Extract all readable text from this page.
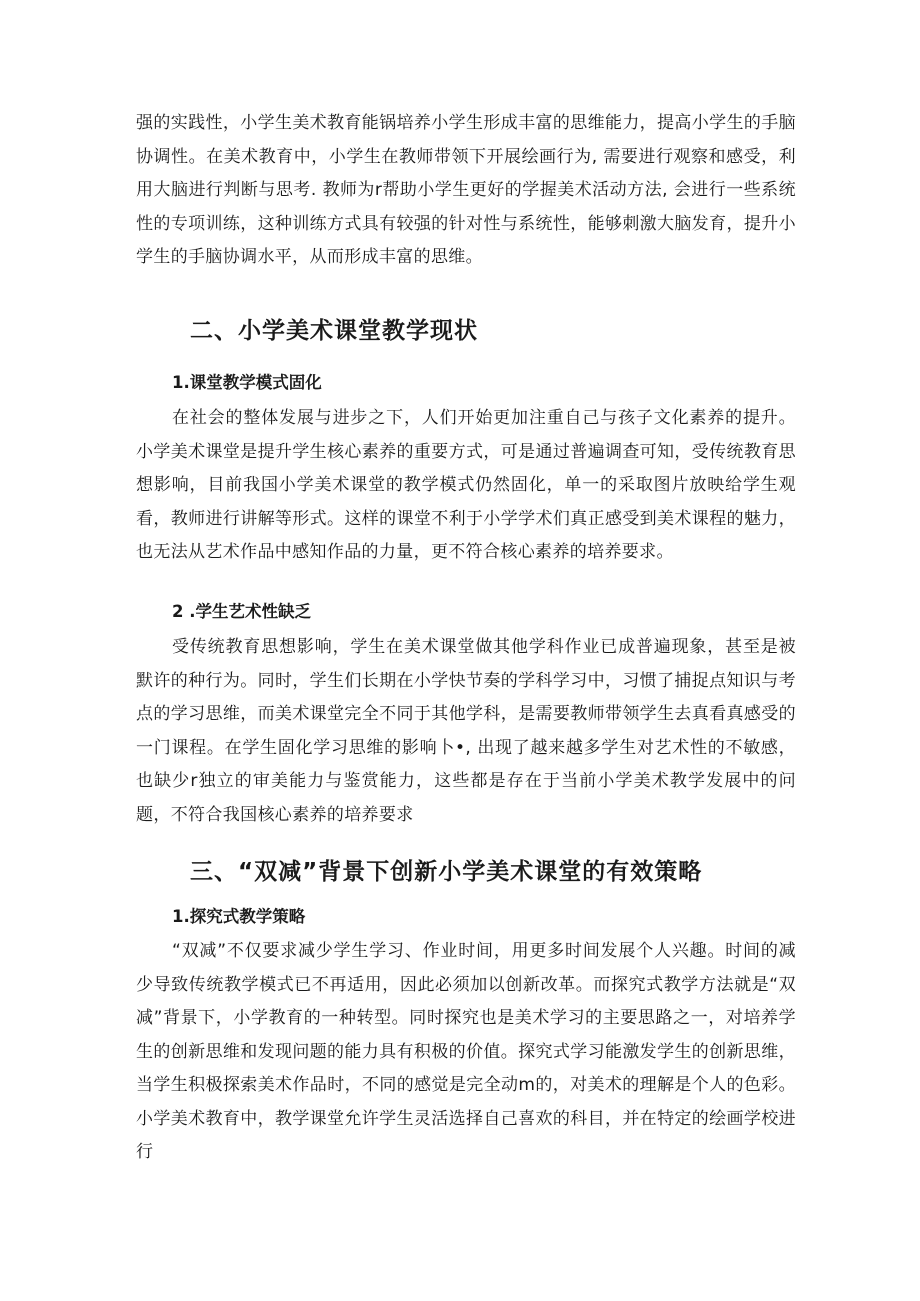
强的实践性，小学生美术教育能锅培养小学生形成丰富的思维能力，提高小学生的手脑协调性。在美术教育中，小学生在教师带领下开展绘画行为, 需要进行观察和感受，利用大脑进行判断与思考. 教师为r帮助小学生更好的学握美术活动方法, 会进行一些系统性的专项训练，这种训练方式具有较强的针对性与系统性，能够刺激大脑发育，提升小学生的手脑协调水平，从而形成丰富的思维。

二、小学美术课堂教学现状
1.课堂教学模式固化

在社会的整体发展与进步之下，人们开始更加注重自己与孩子文化素养的提升。小学美术课堂是提升学生核心素养的重要方式，可是通过普遍调查可知，受传统教育思想影响，目前我国小学美术课堂的教学模式仍然固化，单一的采取图片放映给学生观看，教师进行讲解等形式。这样的课堂不利于小学学术们真正感受到美术课程的魅力，也无法从艺术作品中感知作品的力量，更不符合核心素养的培养要求。

2 .学生艺术性缺乏

受传统教育思想影响，学生在美术课堂做其他学科作业已成普遍现象，甚至是被默许的种行为。同时，学生们长期在小学快节奏的学科学习中，习惯了捕捉点知识与考点的学习思维，而美术课堂完全不同于其他学科，是需要教师带领学生去真看真感受的一门课程。在学生固化学习思维的影响卜•, 出现了越来越多学生对艺术性的不敏感，也缺少r独立的审美能力与鉴赏能力，这些都是存在于当前小学美术教学发展中的问题，不符合我国核心素养的培养要求

三、“双减”背景下创新小学美术课堂的有效策略
1.探究式教学策略

“双减”不仅要求减少学生学习、作业时间，用更多时间发展个人兴趣。时间的减少导致传统教学模式已不再适用，因此必须加以创新改革。而探究式教学方法就是“双减”背景下，小学教育的一种转型。同时探究也是美术学习的主要思路之一，对培养学生的创新思维和发现问题的能力具有积极的价值。探究式学习能激发学生的创新思维，当学生积极探索美术作品时，不同的感觉是完全动m的，对美术的理解是个人的色彩。小学美术教育中，教学课堂允许学生灵活选择自己喜欢的科目，并在特定的绘画学校进行
